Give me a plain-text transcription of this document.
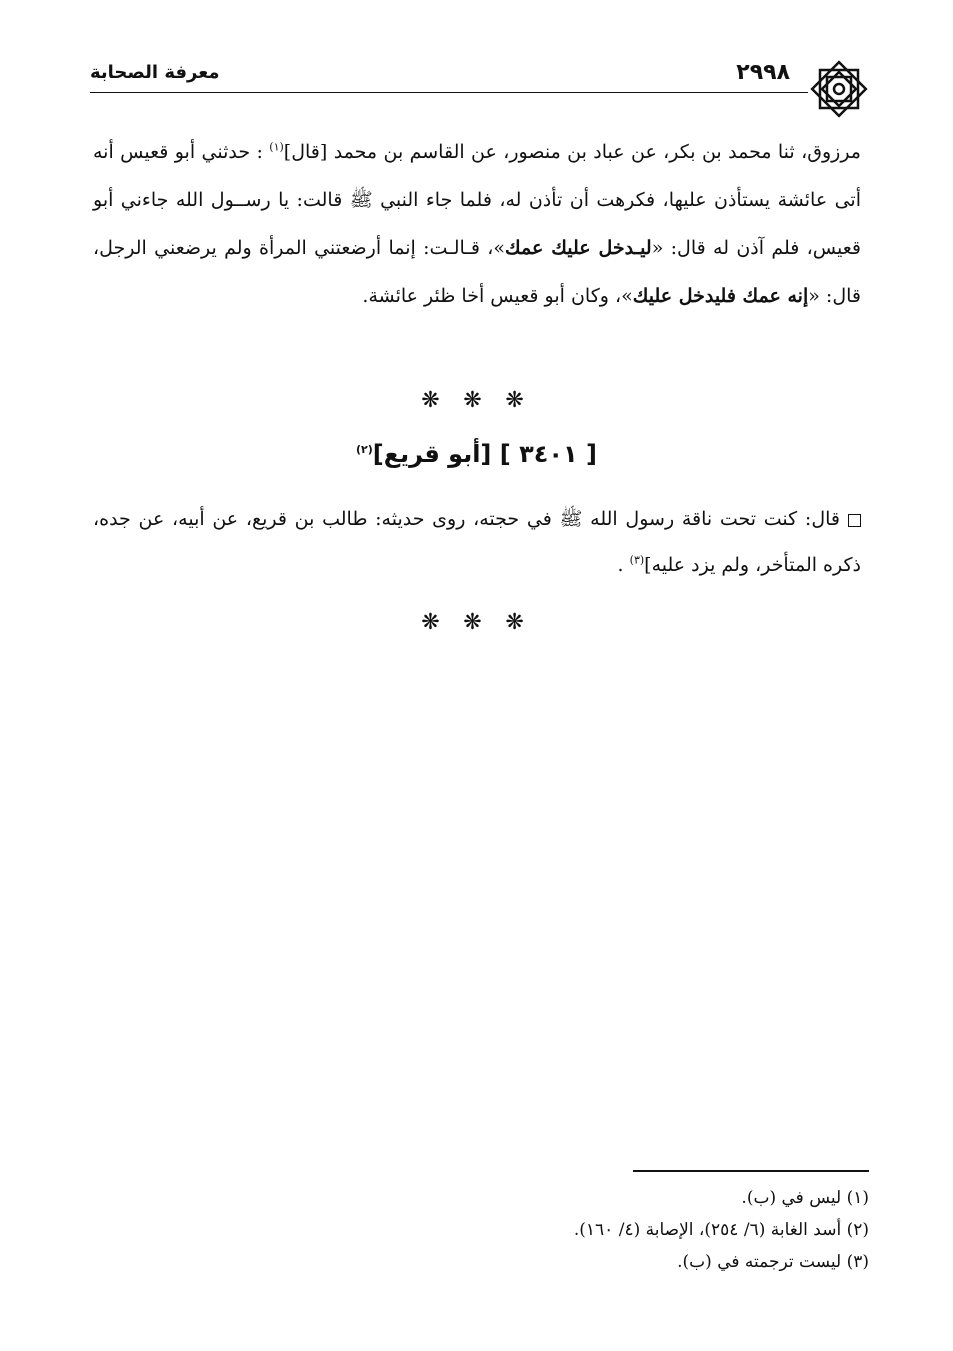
٢٩٩٨
معرفة الصحابة
مرزوق، ثنا محمد بن بكر، عن عباد بن منصور، عن القاسم بن محمد [قال]$^{(١)}$ : حدثني أبو قعيس أنه أتى عائشة يستأذن عليها، فكرهت أن تأذن له، فلما جاء النبي ﷺ قالت: يا رســول الله جاءني أبو قعيس، فلم آذن له قال: «ليـدخل عليك عمك»، قـالـت: إنما أرضعتني المرأة ولم يرضعني الرجل، قال: «إنه عمك فليدخل عليك»، وكان أبو قعيس أخا ظئر عائشة.
❋ ❋ ❋
[ ٣٤٠١ ] [أبو قريع]$^{(٢)}$
قال: كنت تحت ناقة رسول الله ﷺ في حجته، روى حديثه: طالب بن قريع، عن أبيه، عن جده، ذكره المتأخر، ولم يزد عليه]$^{(٣)}$ .
❋ ❋ ❋
(١) ليس في (ب).
(٢) أسد الغابة (٦/ ٢٥٤)، الإصابة (٤/ ١٦٠).
(٣) ليست ترجمته في (ب).
